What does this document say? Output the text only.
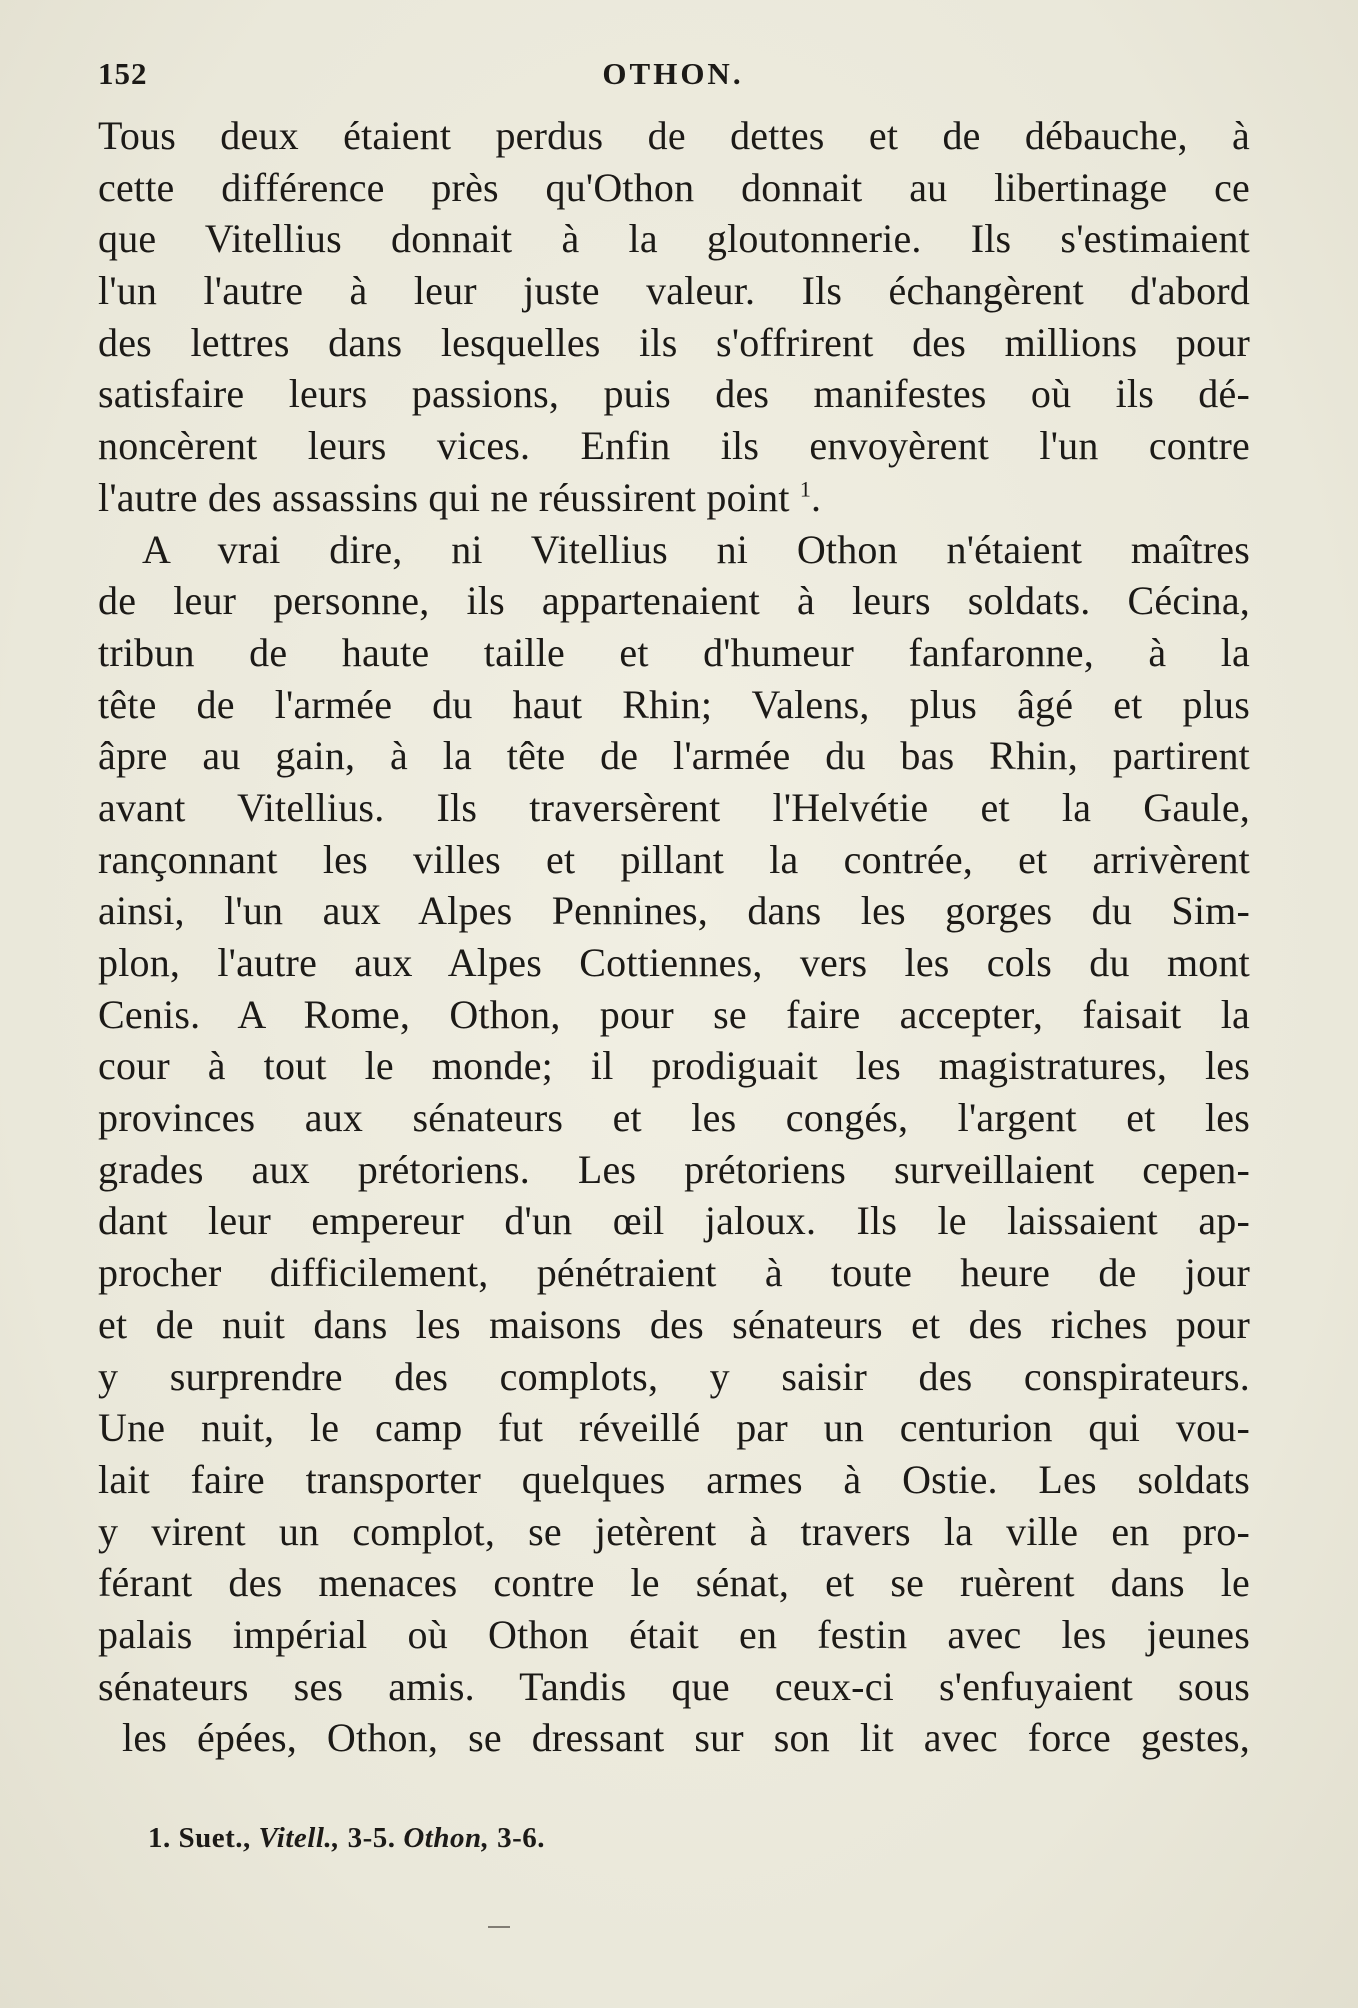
152	OTHON.
Tous deux étaient perdus de dettes et de débauche, à
cette différence près qu'Othon donnait au libertinage ce
que Vitellius donnait à la gloutonnerie. Ils s'estimaient
l'un l'autre à leur juste valeur. Ils échangèrent d'abord
des lettres dans lesquelles ils s'offrirent des millions pour
satisfaire leurs passions, puis des manifestes où ils dé-
noncèrent leurs vices. Enfin ils envoyèrent l'un contre
l'autre des assassins qui ne réussirent point $^1$.
A vrai dire, ni Vitellius ni Othon n'étaient maîtres
de leur personne, ils appartenaient à leurs soldats. Cécina,
tribun de haute taille et d'humeur fanfaronne, à la
tête de l'armée du haut Rhin; Valens, plus âgé et plus
âpre au gain, à la tête de l'armée du bas Rhin, partirent
avant Vitellius. Ils traversèrent l'Helvétie et la Gaule,
rançonnant les villes et pillant la contrée, et arrivèrent
ainsi, l'un aux Alpes Pennines, dans les gorges du Sim-
plon, l'autre aux Alpes Cottiennes, vers les cols du mont
Cenis. A Rome, Othon, pour se faire accepter, faisait la
cour à tout le monde; il prodiguait les magistratures, les
provinces aux sénateurs et les congés, l'argent et les
grades aux prétoriens. Les prétoriens surveillaient cepen-
dant leur empereur d'un œil jaloux. Ils le laissaient ap-
procher difficilement, pénétraient à toute heure de jour
et de nuit dans les maisons des sénateurs et des riches pour
y surprendre des complots, y saisir des conspirateurs.
Une nuit, le camp fut réveillé par un centurion qui vou-
lait faire transporter quelques armes à Ostie. Les soldats
y virent un complot, se jetèrent à travers la ville en pro-
férant des menaces contre le sénat, et se ruèrent dans le
palais impérial où Othon était en festin avec les jeunes
sénateurs ses amis. Tandis que ceux-ci s'enfuyaient sous
les épées, Othon, se dressant sur son lit avec force gestes,
1. Suet., Vitell., 3-5. Othon, 3-6.
